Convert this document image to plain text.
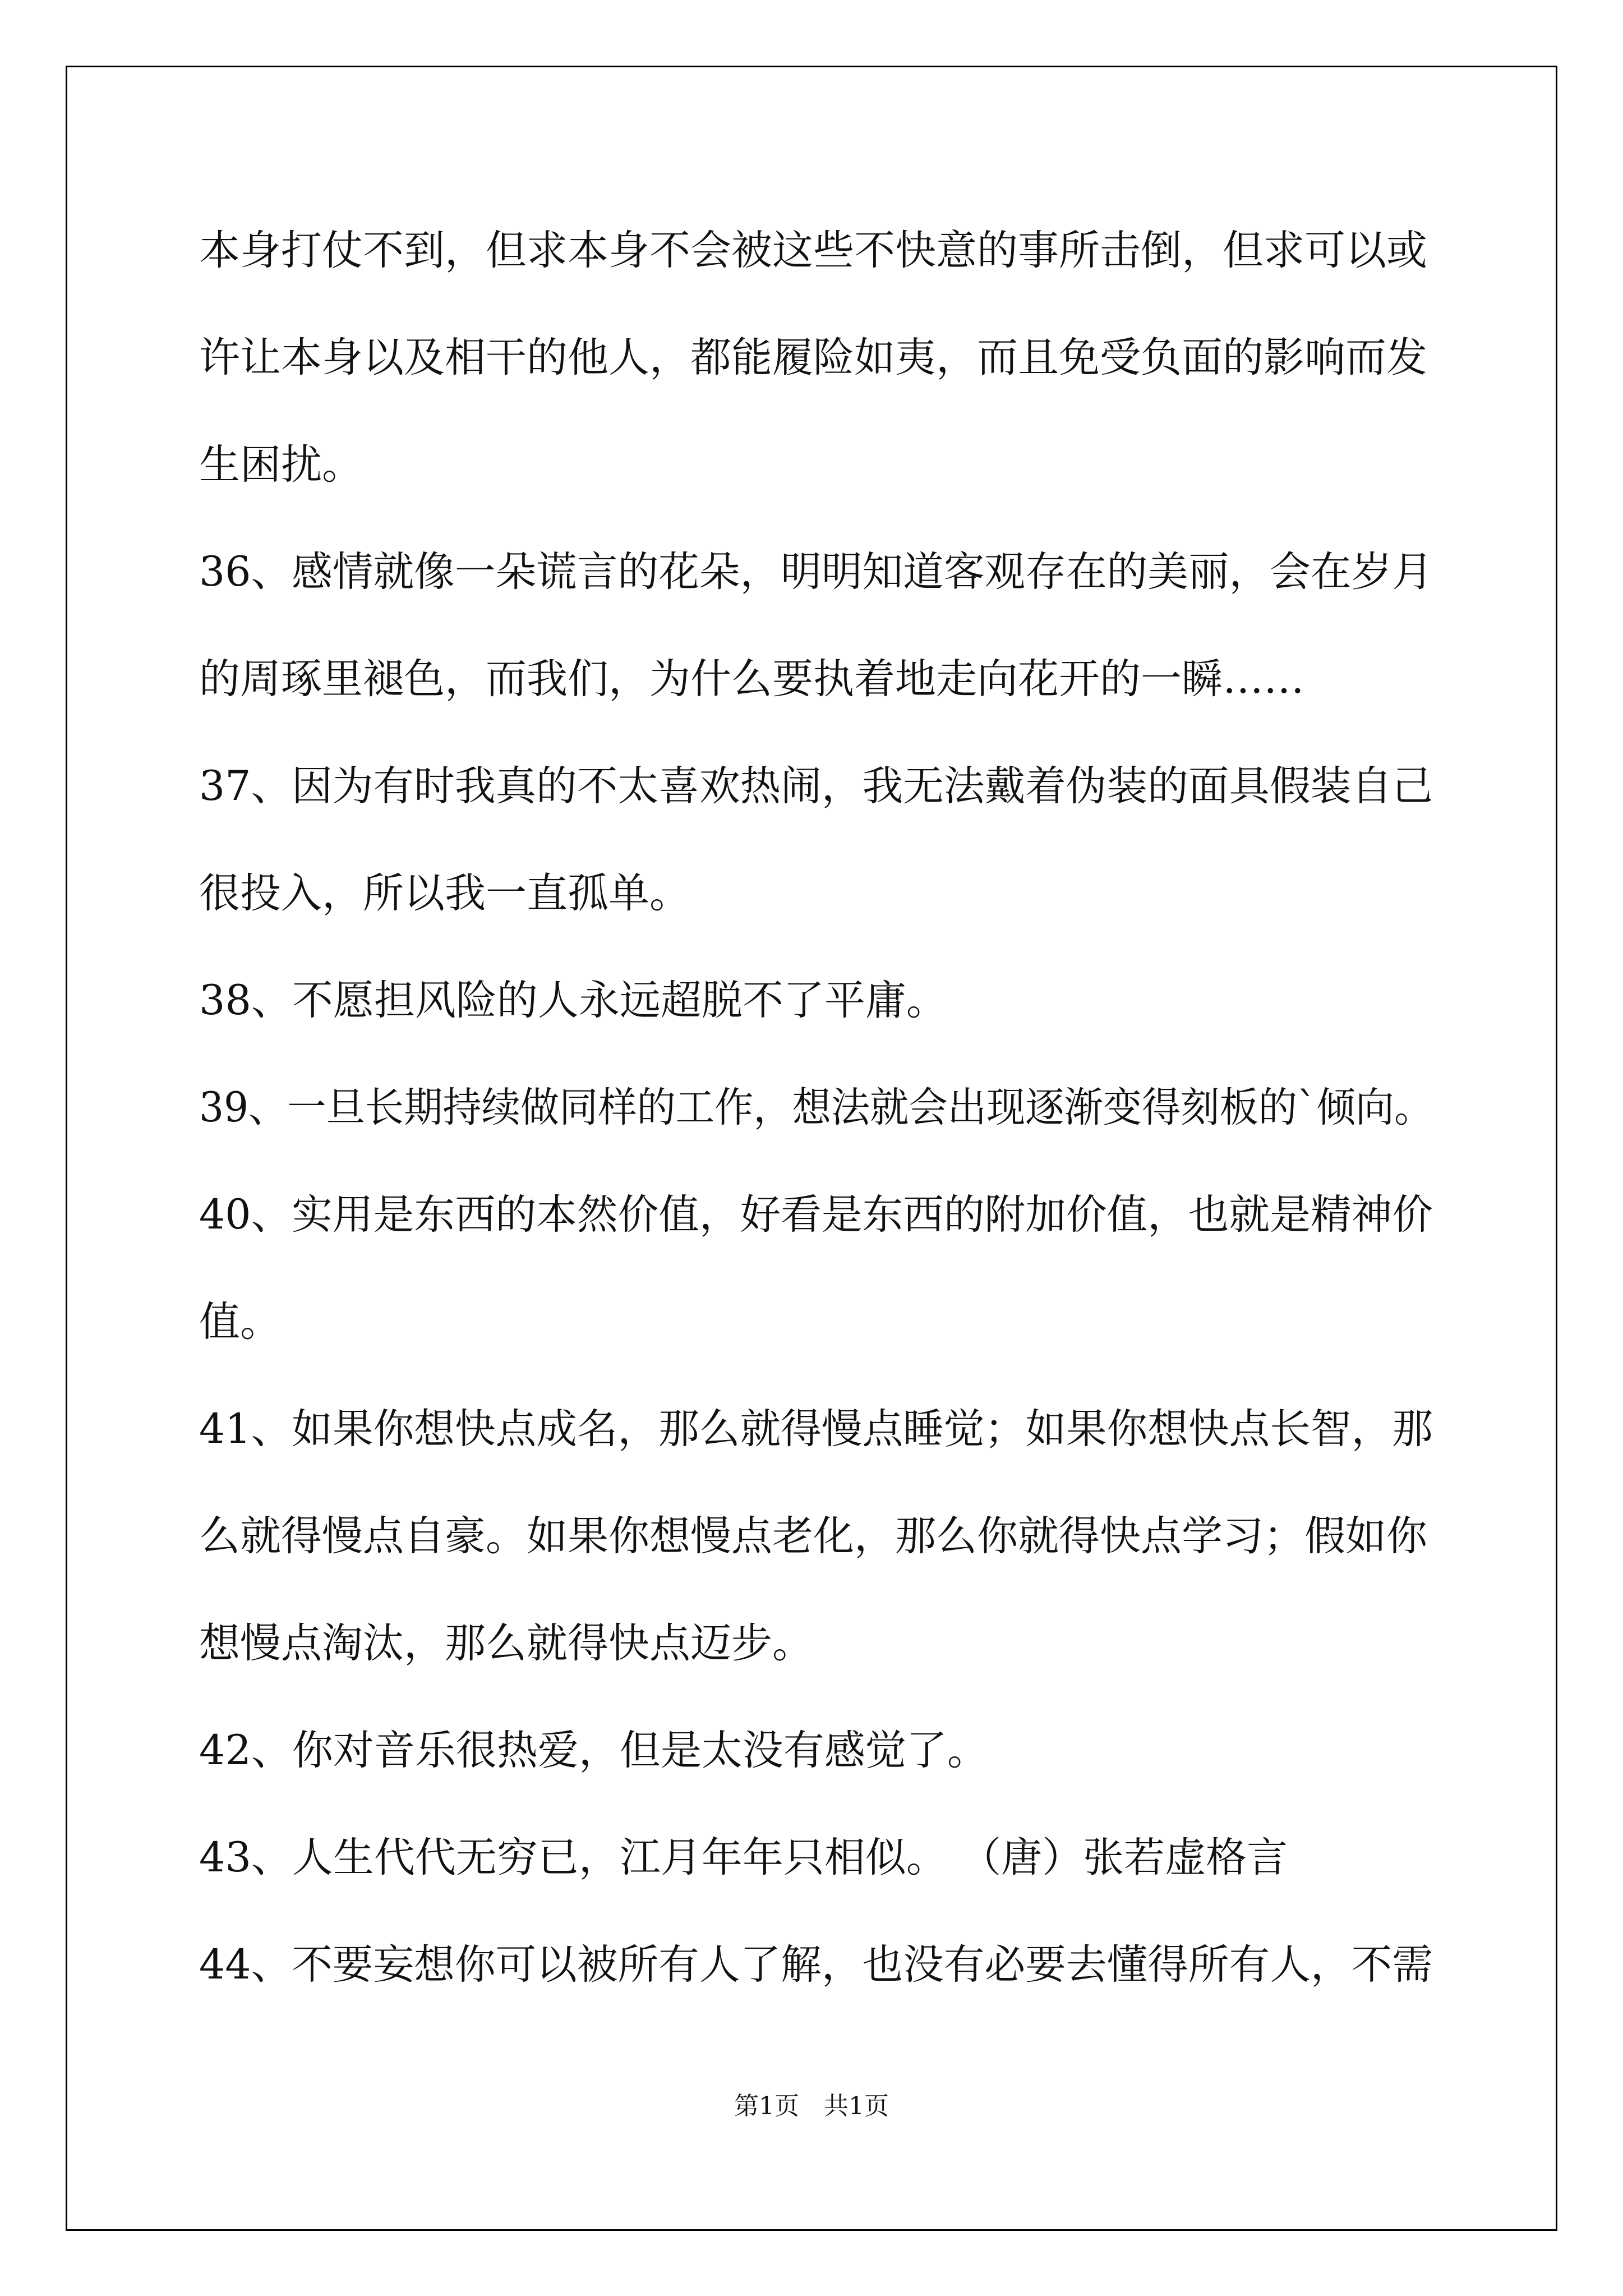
本身打仗不到，但求本身不会被这些不快意的事所击倒，但求可以或
许让本身以及相干的他人，都能履险如夷，而且免受负面的影响而发
生困扰。
36、感情就像一朵谎言的花朵，明明知道客观存在的美丽，会在岁月
的周琢里褪色，而我们，为什么要执着地走向花开的一瞬……
37、因为有时我真的不太喜欢热闹，我无法戴着伪装的面具假装自己
很投入，所以我一直孤单。
38、不愿担风险的人永远超脱不了平庸。
39、一旦长期持续做同样的工作，想法就会出现逐渐变得刻板的`倾向。
40、实用是东西的本然价值，好看是东西的附加价值，也就是精神价
值。
41、如果你想快点成名，那么就得慢点睡觉；如果你想快点长智，那
么就得慢点自豪。如果你想慢点老化，那么你就得快点学习；假如你
想慢点淘汰，那么就得快点迈步。
42、你对音乐很热爱，但是太没有感觉了。
43、人生代代无穷已，江月年年只相似。 （唐）张若虚格言
44、不要妄想你可以被所有人了解，也没有必要去懂得所有人，不需
第1页　共1页
